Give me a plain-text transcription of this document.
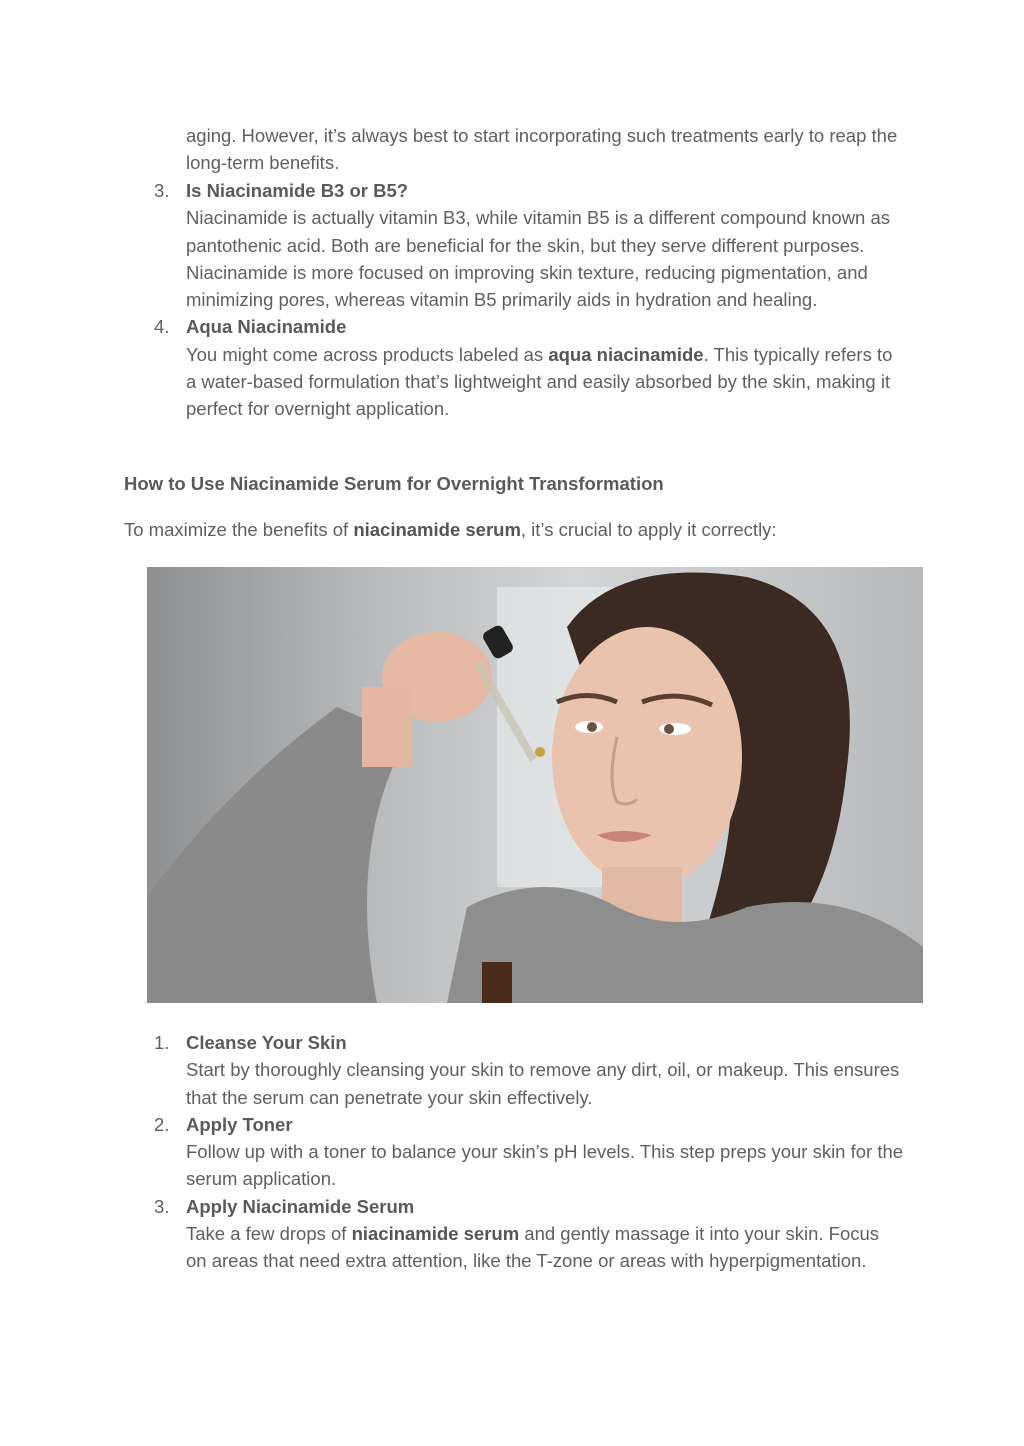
aging. However, it’s always best to start incorporating such treatments early to reap the long-term benefits.

3. Is Niacinamide B3 or B5?
Niacinamide is actually vitamin B3, while vitamin B5 is a different compound known as pantothenic acid. Both are beneficial for the skin, but they serve different purposes. Niacinamide is more focused on improving skin texture, reducing pigmentation, and minimizing pores, whereas vitamin B5 primarily aids in hydration and healing.
4. Aqua Niacinamide
You might come across products labeled as aqua niacinamide. This typically refers to a water-based formulation that’s lightweight and easily absorbed by the skin, making it perfect for overnight application.

How to Use Niacinamide Serum for Overnight Transformation

To maximize the benefits of niacinamide serum, it’s crucial to apply it correctly:

1. Cleanse Your Skin
Start by thoroughly cleansing your skin to remove any dirt, oil, or makeup. This ensures that the serum can penetrate your skin effectively.
2. Apply Toner
Follow up with a toner to balance your skin’s pH levels. This step preps your skin for the serum application.
3. Apply Niacinamide Serum
Take a few drops of niacinamide serum and gently massage it into your skin. Focus on areas that need extra attention, like the T-zone or areas with hyperpigmentation.
